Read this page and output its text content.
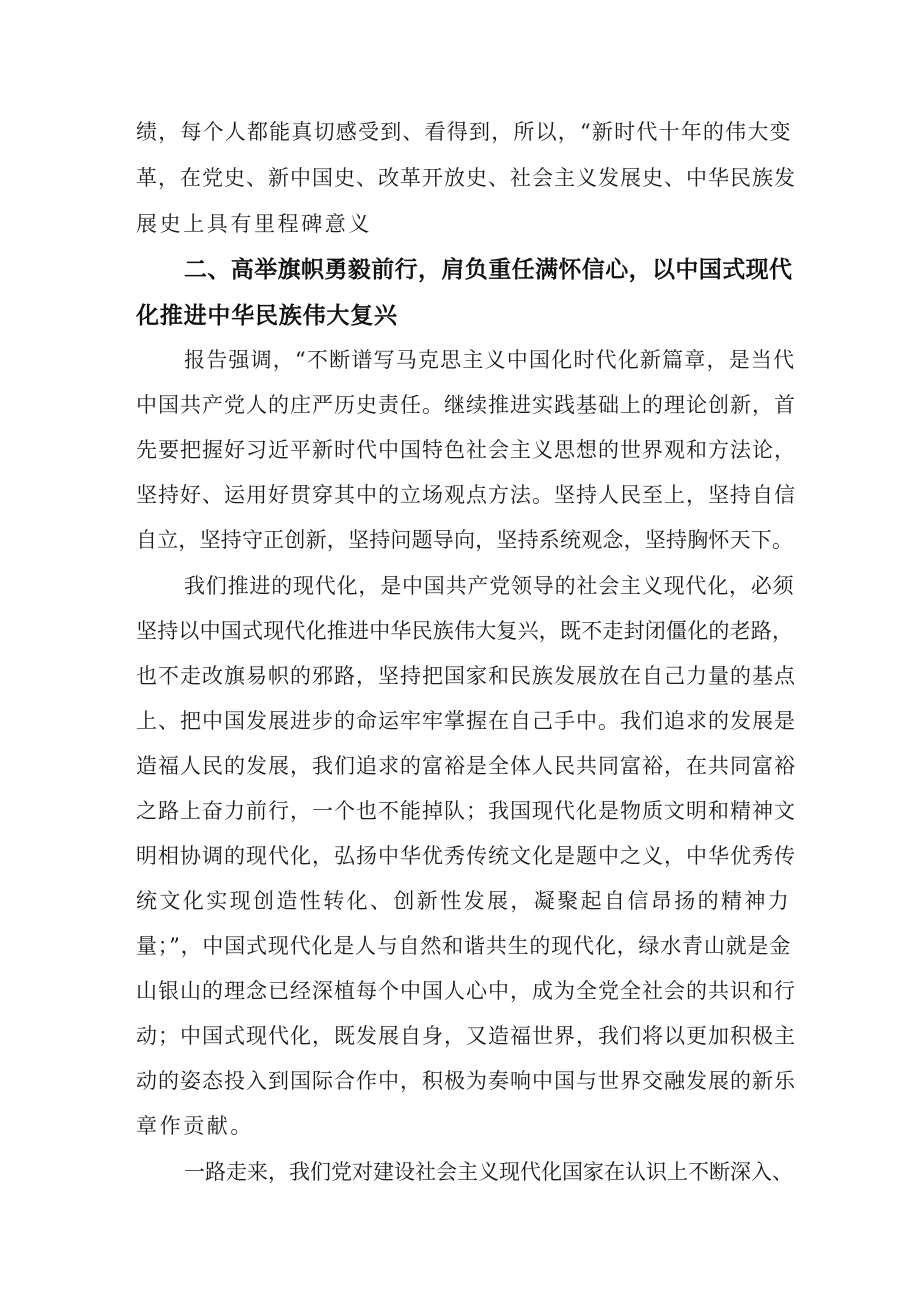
绩，每个人都能真切感受到、看得到，所以，“新时代十年的伟大变
革，在党史、新中国史、改革开放史、社会主义发展史、中华民族发
展史上具有里程碑意义
二、高举旗帜勇毅前行，肩负重任满怀信心，以中国式现代
化推进中华民族伟大复兴
报告强调，“不断谱写马克思主义中国化时代化新篇章，是当代
中国共产党人的庄严历史责任。继续推进实践基础上的理论创新，首
先要把握好习近平新时代中国特色社会主义思想的世界观和方法论，
坚持好、运用好贯穿其中的立场观点方法。坚持人民至上，坚持自信
自立，坚持守正创新，坚持问题导向，坚持系统观念，坚持胸怀天下。
我们推进的现代化，是中国共产党领导的社会主义现代化，必须
坚持以中国式现代化推进中华民族伟大复兴，既不走封闭僵化的老路，
也不走改旗易帜的邪路，坚持把国家和民族发展放在自己力量的基点
上、把中国发展进步的命运牢牢掌握在自己手中。我们追求的发展是
造福人民的发展，我们追求的富裕是全体人民共同富裕，在共同富裕
之路上奋力前行，一个也不能掉队；我国现代化是物质文明和精神文
明相协调的现代化，弘扬中华优秀传统文化是题中之义，中华优秀传
统文化实现创造性转化、创新性发展，凝聚起自信昂扬的精神力
量；”，中国式现代化是人与自然和谐共生的现代化，绿水青山就是金
山银山的理念已经深植每个中国人心中，成为全党全社会的共识和行
动；中国式现代化，既发展自身，又造福世界，我们将以更加积极主
动的姿态投入到国际合作中，积极为奏响中国与世界交融发展的新乐
章作贡献。
一路走来，我们党对建设社会主义现代化国家在认识上不断深入、
